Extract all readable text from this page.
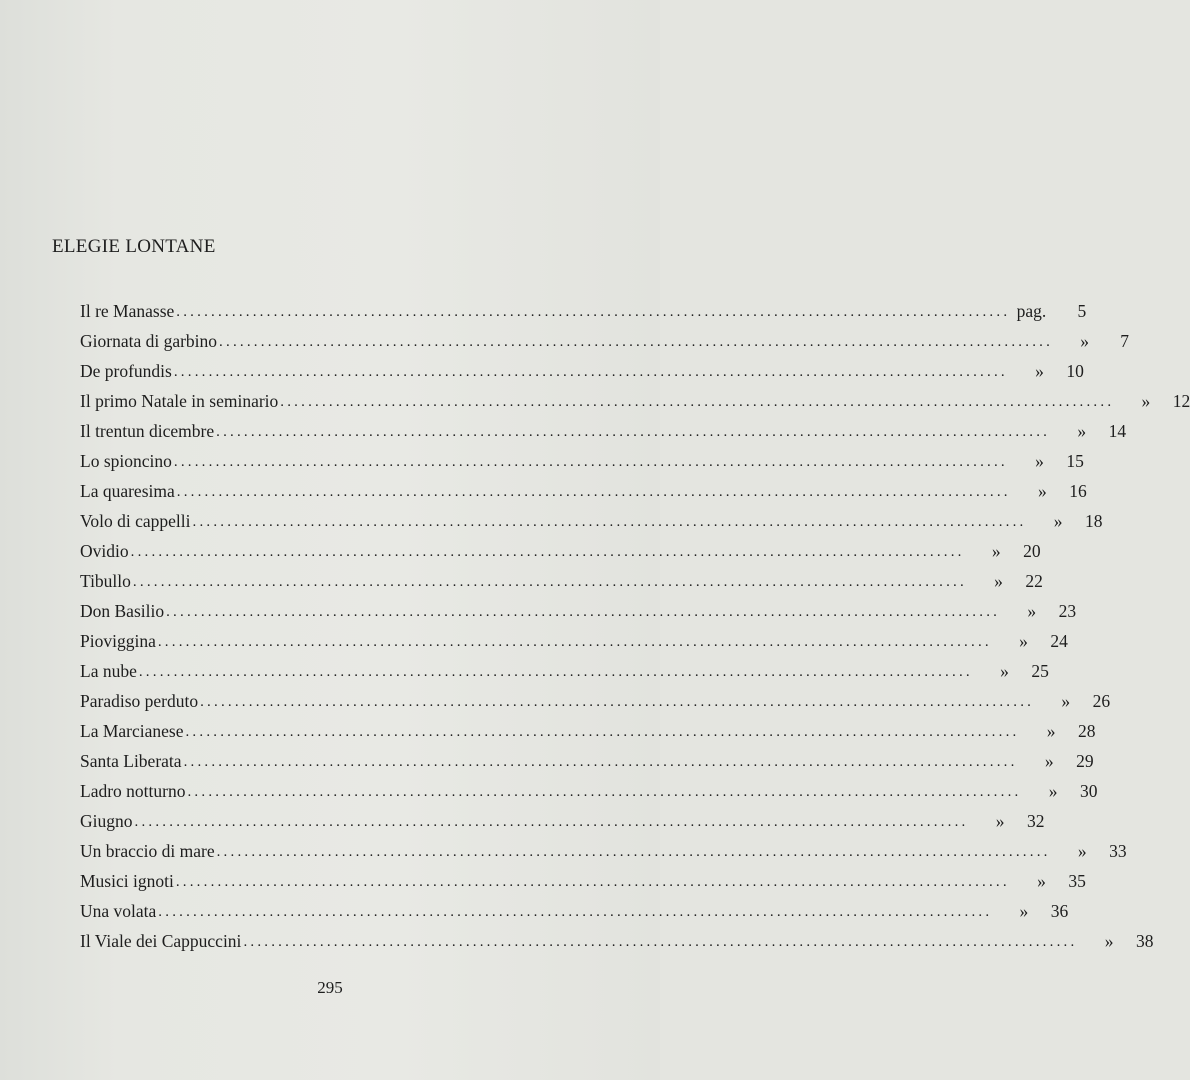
ELEGIE LONTANE
Il re Manasse ........................................................................................................................ pag.	5
Giornata di garbino ........................................................................................................................	»	7
De profundis ........................................................................................................................	»	10
Il primo Natale in seminario ........................................................................................................................	»	12
Il trentun dicembre ........................................................................................................................	»	14
Lo spioncino ........................................................................................................................	»	15
La quaresima ........................................................................................................................	»	16
Volo di cappelli ........................................................................................................................	»	18
Ovidio ........................................................................................................................	»	20
Tibullo ........................................................................................................................	»	22
Don Basilio ........................................................................................................................	»	23
Pioviggina ........................................................................................................................	»	24
La nube ........................................................................................................................	»	25
Paradiso perduto ........................................................................................................................	»	26
La Marcianese ........................................................................................................................	»	28
Santa Liberata ........................................................................................................................	»	29
Ladro notturno ........................................................................................................................	»	30
Giugno ........................................................................................................................	»	32
Un braccio di mare ........................................................................................................................	»	33
Musici ignoti ........................................................................................................................	»	35
Una volata ........................................................................................................................	»	36
Il Viale dei Cappuccini ........................................................................................................................	»	38
295
